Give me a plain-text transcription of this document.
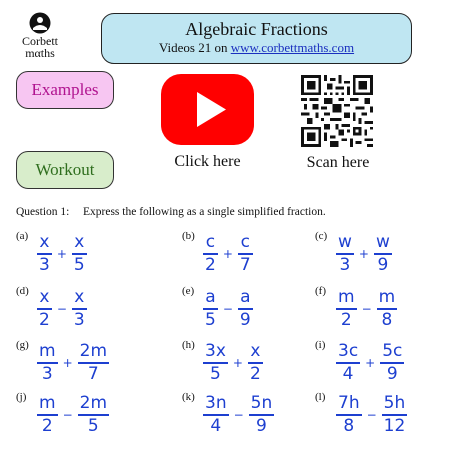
Corbett
mαths
Algebraic Fractions
Videos 21 on www.corbettmaths.com
Examples
Workout	Click here	Scan here
Question 1: Express the following as a single simplified fraction.
$(a) \frac{x}{3} + \frac{x}{5}$	$(b) \frac{c}{2} + \frac{c}{7}$	$(c) \frac{w}{3} + \frac{w}{9}$
$(d) \frac{x}{2} - \frac{x}{3}$	$(e) \frac{a}{5} - \frac{a}{9}$	$(f) \frac{m}{2} - \frac{m}{8}$
$(g) \frac{m}{3} + \frac{2m}{7}$	$(h) \frac{3x}{5} + \frac{x}{2}$	$(i) \frac{3c}{4} + \frac{5c}{9}$
$(j) \frac{m}{2} - \frac{2m}{5}$	$(k) \frac{3n}{4} - \frac{5n}{9}$	$(l) \frac{7h}{8} - \frac{5h}{12}$
